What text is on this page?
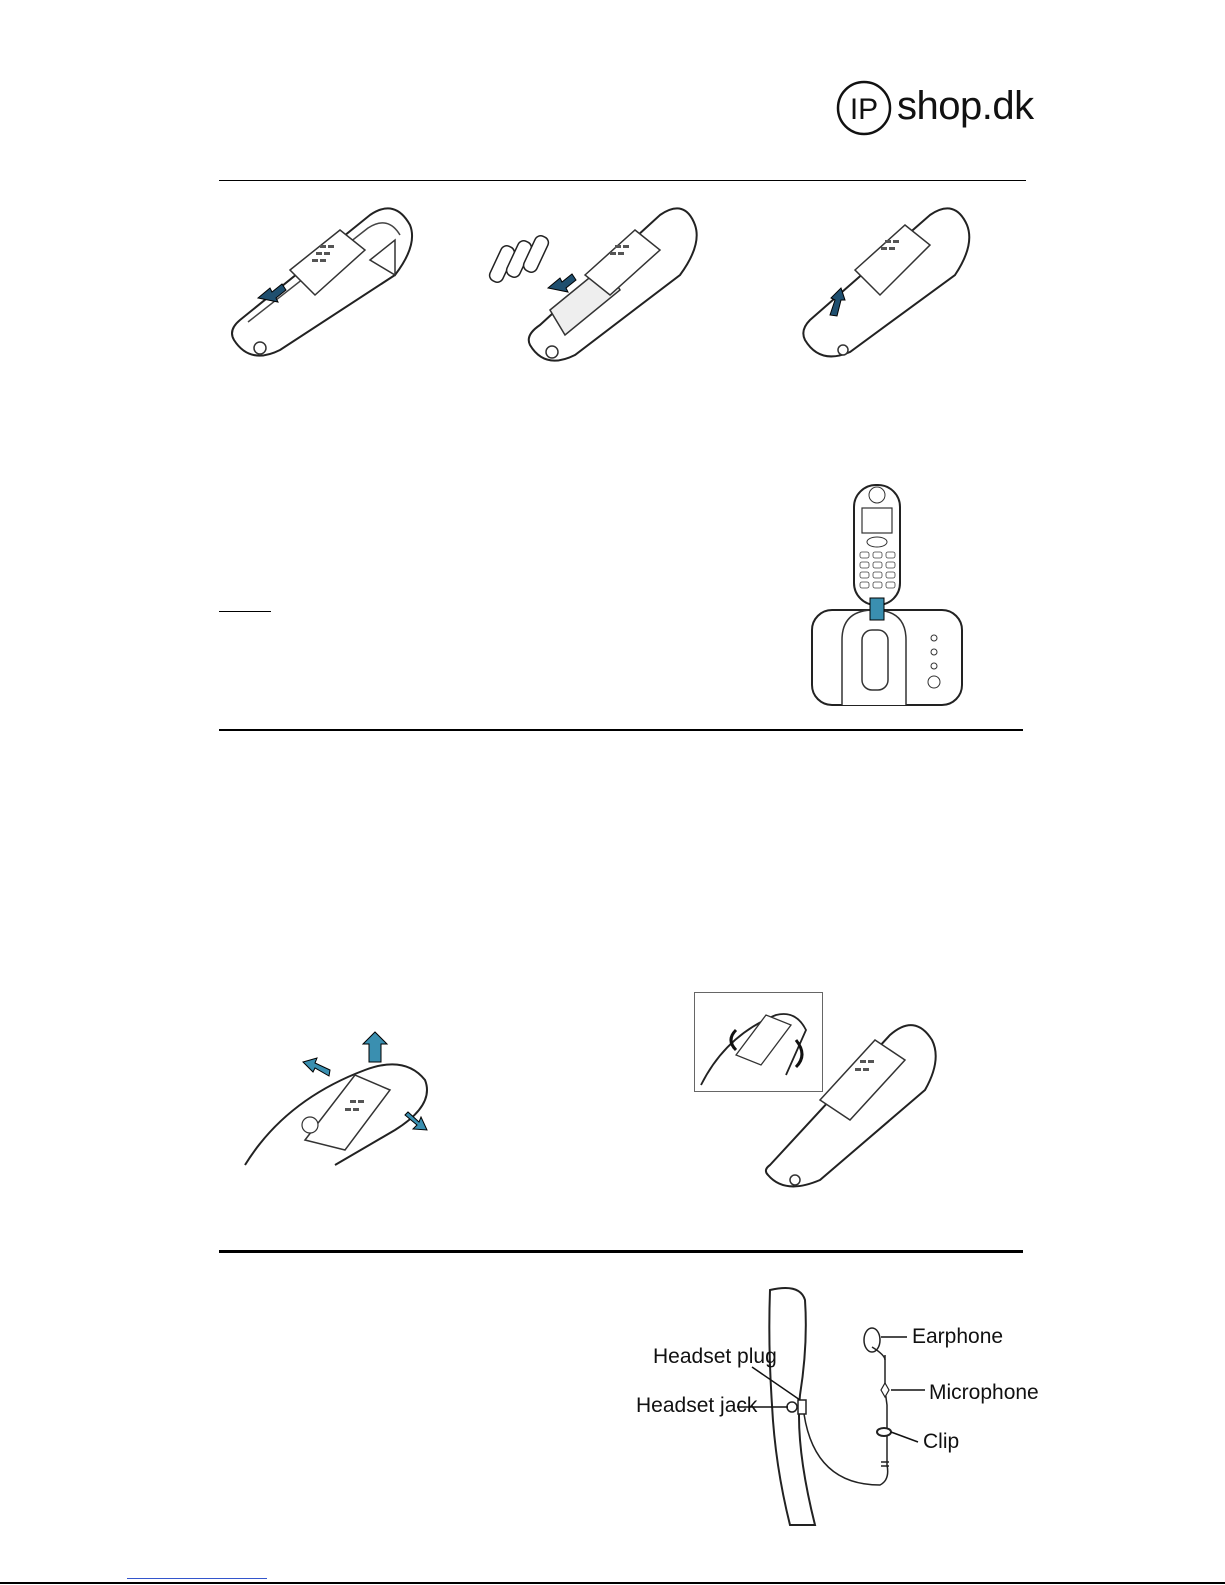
IP shop.dk
Headset plug
Headset jack
Earphone
Microphone
Clip
